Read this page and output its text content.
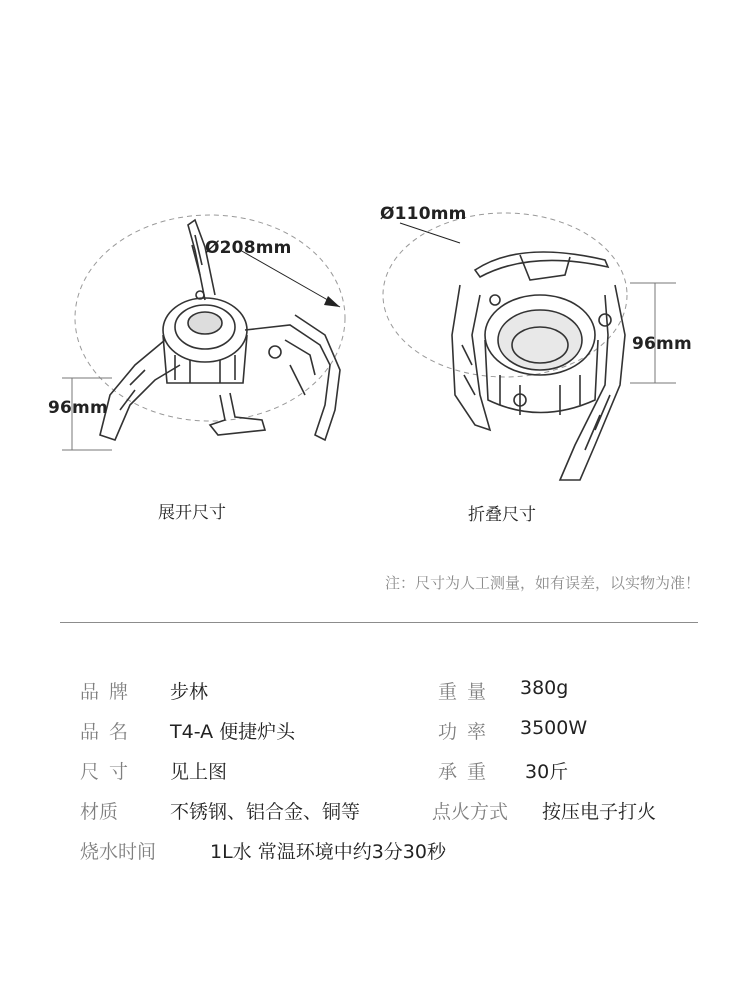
Ø208mm
96mm
展开尺寸
Ø110mm
96mm
折叠尺寸
注：尺寸为人工测量，如有误差，以实物为准！
品牌 步林
品名 T4-A 便捷炉头
尺寸 见上图
材质	不锈钢、铝合金、铜等
烧水时间	1L水 常温环境中约3分30秒
重量 380g
功率 3500W
承重 30斤
点火方式 按压电子打火
